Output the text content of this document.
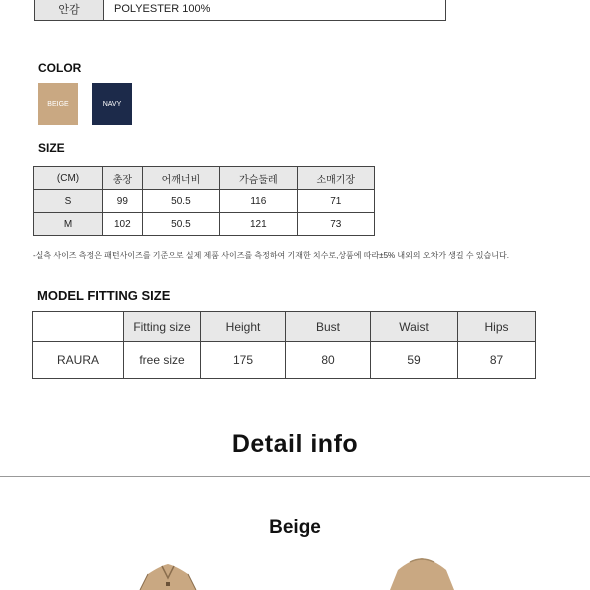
안감	POLYESTER 100%
COLOR
BEIGE	NAVY
SIZE
(CM)	총장	어깨너비	가슴둘레	소매기장
S	99	50.5	116	71
M	102	50.5	121	73
-실측 사이즈 측정은 패턴사이즈를 기준으로 실제 제품 사이즈를 측정하여 기재한 치수로,상품에 따라±5% 내외의 오차가 생길 수 있습니다.
MODEL FITTING SIZE
	Fitting size	Height	Bust	Waist	Hips
RAURA	free size	175	80	59	87
Detail info
Beige
